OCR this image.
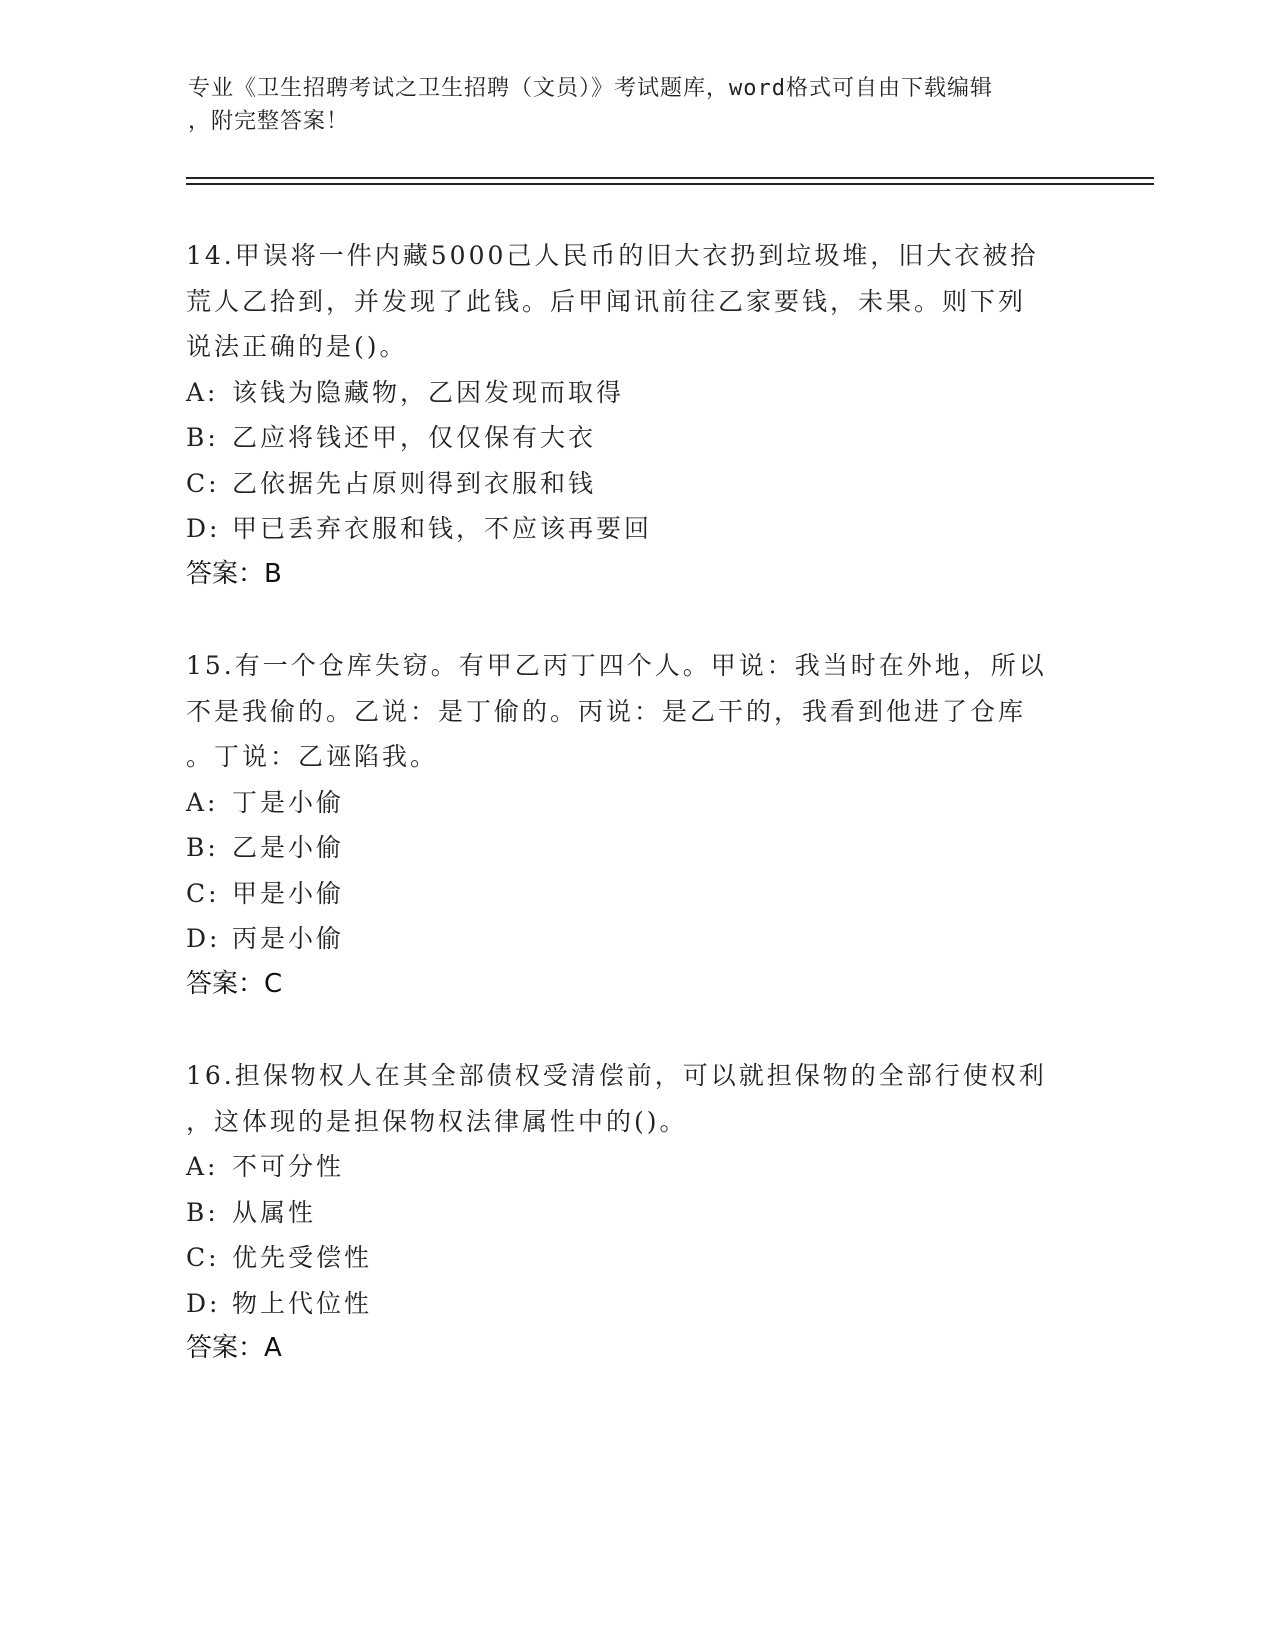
专业《卫生招聘考试之卫生招聘（文员）》考试题库，word格式可自由下载编辑
，附完整答案！
14.甲误将一件内藏5000己人民币的旧大衣扔到垃圾堆，旧大衣被拾
荒人乙拾到，并发现了此钱。后甲闻讯前往乙家要钱，未果。则下列
说法正确的是()。
A: 该钱为隐藏物，乙因发现而取得
B: 乙应将钱还甲，仅仅保有大衣
C: 乙依据先占原则得到衣服和钱
D: 甲已丢弃衣服和钱，不应该再要回
答案：B
15.有一个仓库失窃。有甲乙丙丁四个人。甲说：我当时在外地，所以
不是我偷的。乙说：是丁偷的。丙说：是乙干的，我看到他进了仓库
。丁说：乙诬陷我。
A: 丁是小偷
B: 乙是小偷
C: 甲是小偷
D: 丙是小偷
答案：C
16.担保物权人在其全部债权受清偿前，可以就担保物的全部行使权利
，这体现的是担保物权法律属性中的()。
A: 不可分性
B: 从属性
C: 优先受偿性
D: 物上代位性
答案：A
